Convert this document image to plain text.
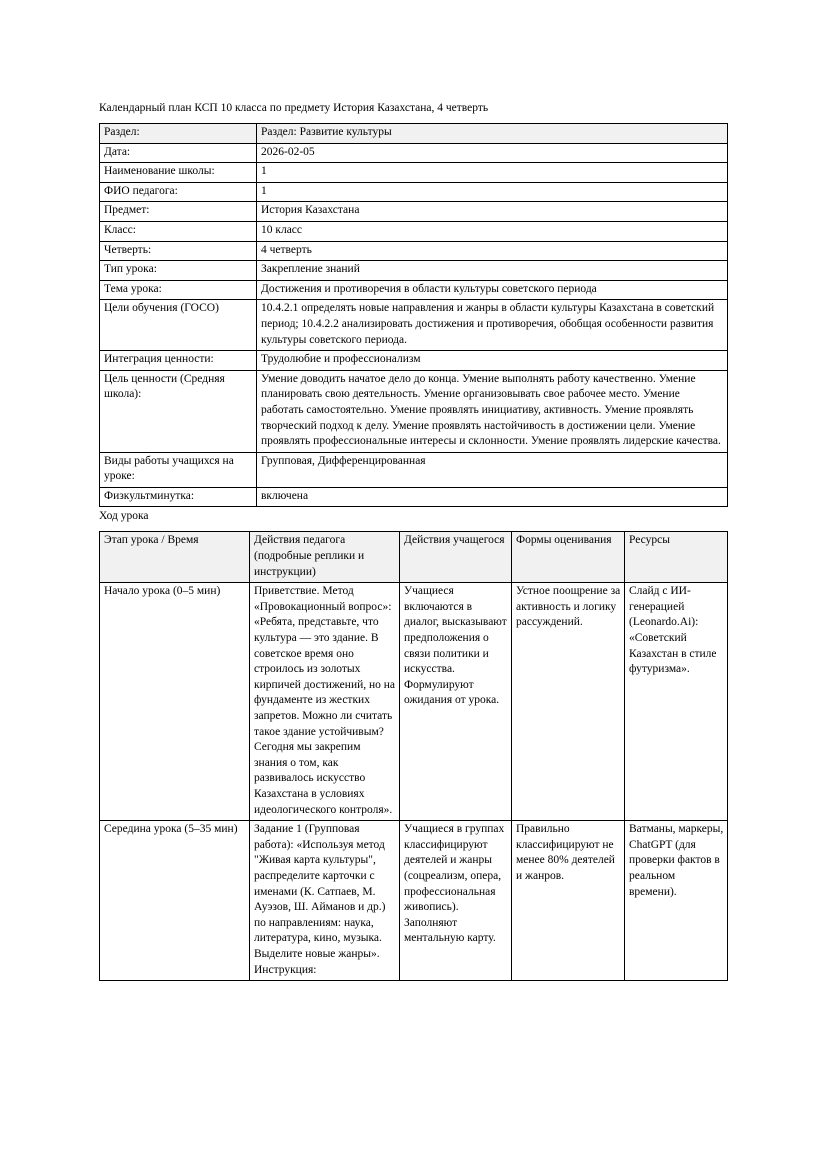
Календарный план КСП 10 класса по предмету История Казахстана, 4 четверть

Раздел:	Раздел: Развитие культуры
Дата:	2026-02-05
Наименование школы:	1
ФИО педагога:	1
Предмет:	История Казахстана
Класс:	10 класс
Четверть:	4 четверть
Тип урока:	Закрепление знаний
Тема урока:	Достижения и противоречия в области культуры советского периода
Цели обучения (ГОСО)	10.4.2.1 определять новые направления и жанры в области культуры Казахстана в советский период; 10.4.2.2 анализировать достижения и противоречия, обобщая особенности развития культуры советского периода.
Интеграция ценности:	Трудолюбие и профессионализм
Цель ценности (Средняя школа):	Умение доводить начатое дело до конца. Умение выполнять работу качественно. Умение планировать свою деятельность. Умение организовывать свое рабочее место. Умение работать самостоятельно. Умение проявлять инициативу, активность. Умение проявлять творческий подход к делу. Умение проявлять настойчивость в достижении цели. Умение проявлять профессиональные интересы и склонности. Умение проявлять лидерские качества.
Виды работы учащихся на уроке:	Групповая, Дифференцированная
Физкультминутка:	включена

Ход урока

Этап урока / Время	Действия педагога (подробные реплики и инструкции)	Действия учащегося	Формы оценивания	Ресурсы
Начало урока (0–5 мин)	Приветствие. Метод «Провокационный вопрос»: «Ребята, представьте, что культура — это здание. В советское время оно строилось из золотых кирпичей достижений, но на фундаменте из жестких запретов. Можно ли считать такое здание устойчивым? Сегодня мы закрепим знания о том, как развивалось искусство Казахстана в условиях идеологического контроля».	Учащиеся включаются в диалог, высказывают предположения о связи политики и искусства. Формулируют ожидания от урока.	Устное поощрение за активность и логику рассуждений.	Слайд с ИИ-генерацией (Leonardo.Ai): «Советский Казахстан в стиле футуризма».
Середина урока (5–35 мин)	Задание 1 (Групповая работа): «Используя метод "Живая карта культуры", распределите карточки с именами (К. Сатпаев, М. Ауэзов, Ш. Айманов и др.) по направлениям: наука, литература, кино, музыка. Выделите новые жанры». Инструкция:	Учащиеся в группах классифицируют деятелей и жанры (соцреализм, опера, профессиональная живопись). Заполняют ментальную карту.	Правильно классифицируют не менее 80% деятелей и жанров.	Ватманы, маркеры, ChatGPT (для проверки фактов в реальном времени).
